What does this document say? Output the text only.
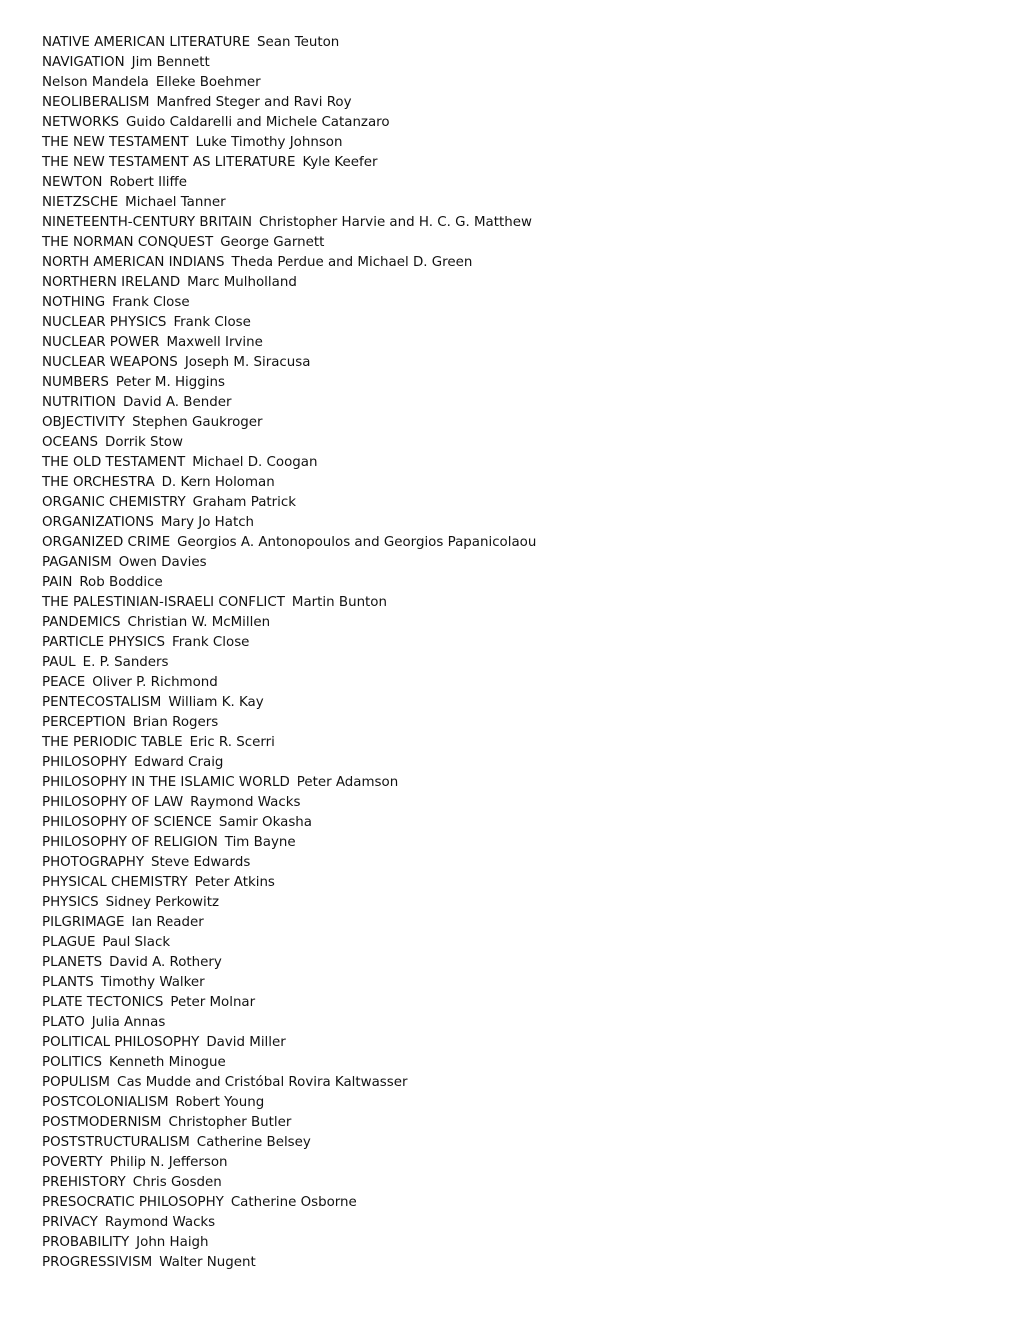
NATIVE AMERICAN LITERATURE Sean Teuton
NAVIGATION Jim Bennett
Nelson Mandela Elleke Boehmer
NEOLIBERALISM Manfred Steger and Ravi Roy
NETWORKS Guido Caldarelli and Michele Catanzaro
THE NEW TESTAMENT Luke Timothy Johnson
THE NEW TESTAMENT AS LITERATURE Kyle Keefer
NEWTON Robert Iliffe
NIETZSCHE Michael Tanner
NINETEENTH-CENTURY BRITAIN Christopher Harvie and H. C. G. Matthew
THE NORMAN CONQUEST George Garnett
NORTH AMERICAN INDIANS Theda Perdue and Michael D. Green
NORTHERN IRELAND Marc Mulholland
NOTHING Frank Close
NUCLEAR PHYSICS Frank Close
NUCLEAR POWER Maxwell Irvine
NUCLEAR WEAPONS Joseph M. Siracusa
NUMBERS Peter M. Higgins
NUTRITION David A. Bender
OBJECTIVITY Stephen Gaukroger
OCEANS Dorrik Stow
THE OLD TESTAMENT Michael D. Coogan
THE ORCHESTRA D. Kern Holoman
ORGANIC CHEMISTRY Graham Patrick
ORGANIZATIONS Mary Jo Hatch
ORGANIZED CRIME Georgios A. Antonopoulos and Georgios Papanicolaou
PAGANISM Owen Davies
PAIN Rob Boddice
THE PALESTINIAN-ISRAELI CONFLICT Martin Bunton
PANDEMICS Christian W. McMillen
PARTICLE PHYSICS Frank Close
PAUL E. P. Sanders
PEACE Oliver P. Richmond
PENTECOSTALISM William K. Kay
PERCEPTION Brian Rogers
THE PERIODIC TABLE Eric R. Scerri
PHILOSOPHY Edward Craig
PHILOSOPHY IN THE ISLAMIC WORLD Peter Adamson
PHILOSOPHY OF LAW Raymond Wacks
PHILOSOPHY OF SCIENCE Samir Okasha
PHILOSOPHY OF RELIGION Tim Bayne
PHOTOGRAPHY Steve Edwards
PHYSICAL CHEMISTRY Peter Atkins
PHYSICS Sidney Perkowitz
PILGRIMAGE Ian Reader
PLAGUE Paul Slack
PLANETS David A. Rothery
PLANTS Timothy Walker
PLATE TECTONICS Peter Molnar
PLATO Julia Annas
POLITICAL PHILOSOPHY David Miller
POLITICS Kenneth Minogue
POPULISM Cas Mudde and Cristóbal Rovira Kaltwasser
POSTCOLONIALISM Robert Young
POSTMODERNISM Christopher Butler
POSTSTRUCTURALISM Catherine Belsey
POVERTY Philip N. Jefferson
PREHISTORY Chris Gosden
PRESOCRATIC PHILOSOPHY Catherine Osborne
PRIVACY Raymond Wacks
PROBABILITY John Haigh
PROGRESSIVISM Walter Nugent
